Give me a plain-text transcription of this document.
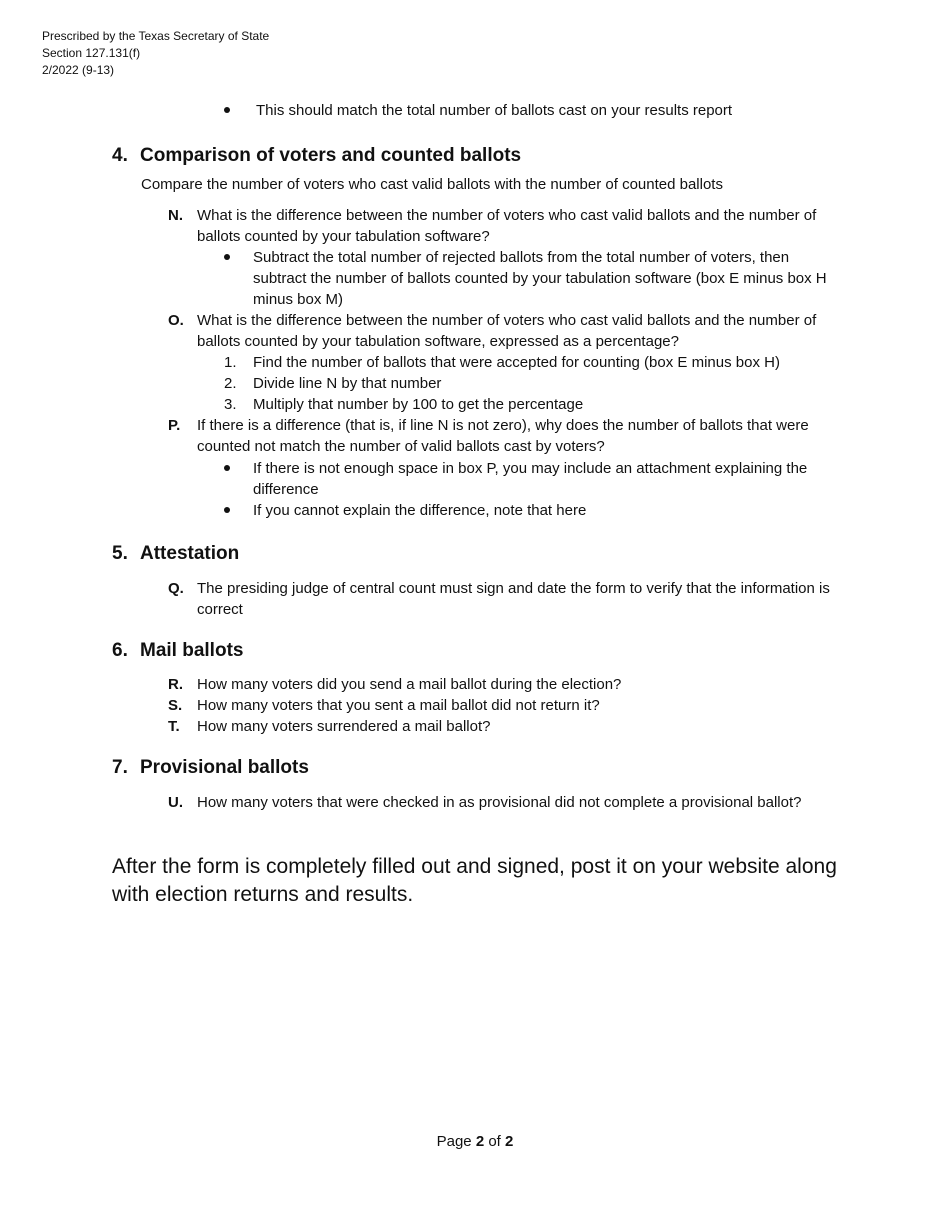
Prescribed by the Texas Secretary of State
Section 127.131(f)
2/2022 (9-13)
This should match the total number of ballots cast on your results report
4. Comparison of voters and counted ballots
Compare the number of voters who cast valid ballots with the number of counted ballots
N. What is the difference between the number of voters who cast valid ballots and the number of ballots counted by your tabulation software?
Subtract the total number of rejected ballots from the total number of voters, then subtract the number of ballots counted by your tabulation software (box E minus box H minus box M)
O. What is the difference between the number of voters who cast valid ballots and the number of ballots counted by your tabulation software, expressed as a percentage?
1.	Find the number of ballots that were accepted for counting (box E minus box H)
2.	Divide line N by that number
3.	Multiply that number by 100 to get the percentage
P. If there is a difference (that is, if line N is not zero), why does the number of ballots that were counted not match the number of valid ballots cast by voters?
If there is not enough space in box P, you may include an attachment explaining the difference
If you cannot explain the difference, note that here
5. Attestation
Q. The presiding judge of central count must sign and date the form to verify that the information is correct
6. Mail ballots
R. How many voters did you send a mail ballot during the election?
S. How many voters that you sent a mail ballot did not return it?
T. How many voters surrendered a mail ballot?
7. Provisional ballots
U. How many voters that were checked in as provisional did not complete a provisional ballot?
After the form is completely filled out and signed, post it on your website along with election returns and results.
Page 2 of 2
